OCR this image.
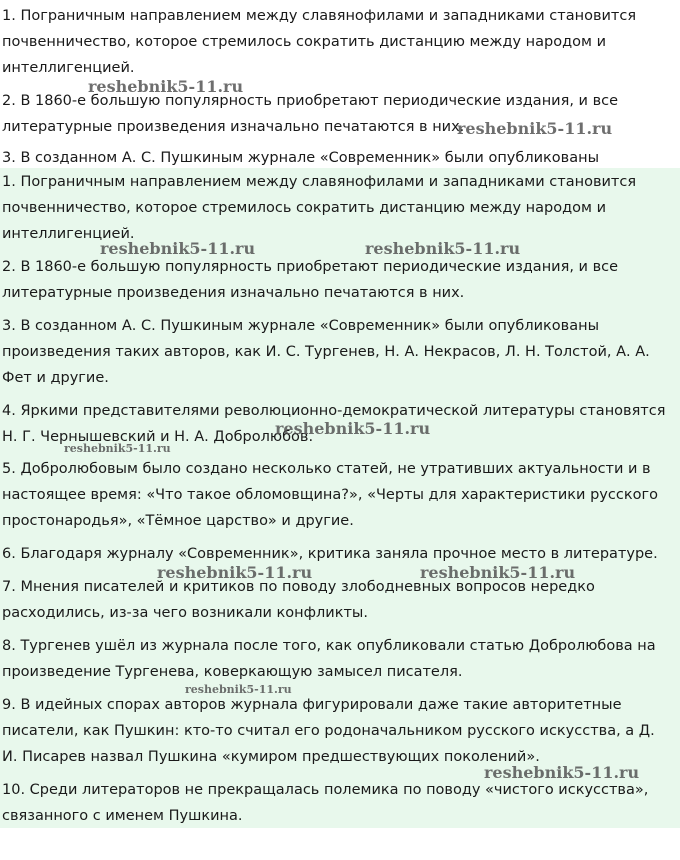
1. Пограничным направлением между славянофилами и западниками становится почвенничество, которое стремилось сократить дистанцию между народом и интеллигенцией.

2. В 1860-е большую популярность приобретают периодические издания, и все литературные произведения изначально печатаются в них.

3. В созданном А. С. Пушкиным журнале «Современник» были опубликованы

1. Пограничным направлением между славянофилами и западниками становится почвенничество, которое стремилось сократить дистанцию между народом и интеллигенцией.

2. В 1860-е большую популярность приобретают периодические издания, и все литературные произведения изначально печатаются в них.

3. В созданном А. С. Пушкиным журнале «Современник» были опубликованы произведения таких авторов, как И. С. Тургенев, Н. А. Некрасов, Л. Н. Толстой, А. А. Фет и другие.

4. Яркими представителями революционно-демократической литературы становятся Н. Г. Чернышевский и Н. А. Добролюбов.

5. Добролюбовым было создано несколько статей, не утративших актуальности и в настоящее время: «Что такое обломовщина?», «Черты для характеристики русского простонародья», «Тёмное царство» и другие.

6. Благодаря журналу «Современник», критика заняла прочное место в литературе.

7. Мнения писателей и критиков по поводу злободневных вопросов нередко расходились, из-за чего возникали конфликты.

8. Тургенев ушёл из журнала после того, как опубликовали статью Добролюбова на произведение Тургенева, коверкающую замысел писателя.

9. В идейных спорах авторов журнала фигурировали даже такие авторитетные писатели, как Пушкин: кто-то считал его родоначальником русского искусства, а Д. И. Писарев назвал Пушкина «кумиром предшествующих поколений».

10. Среди литераторов не прекращалась полемика по поводу «чистого искусства», связанного с именем Пушкина.

reshebnik5-11.ru
reshebnik5-11.ru
reshebnik5-11.ru	reshebnik5-11.ru
reshebnik5-11.ru
reshebnik5-11.ru
reshebnik5-11.ru	reshebnik5-11.ru
reshebnik5-11.ru
reshebnik5-11.ru
